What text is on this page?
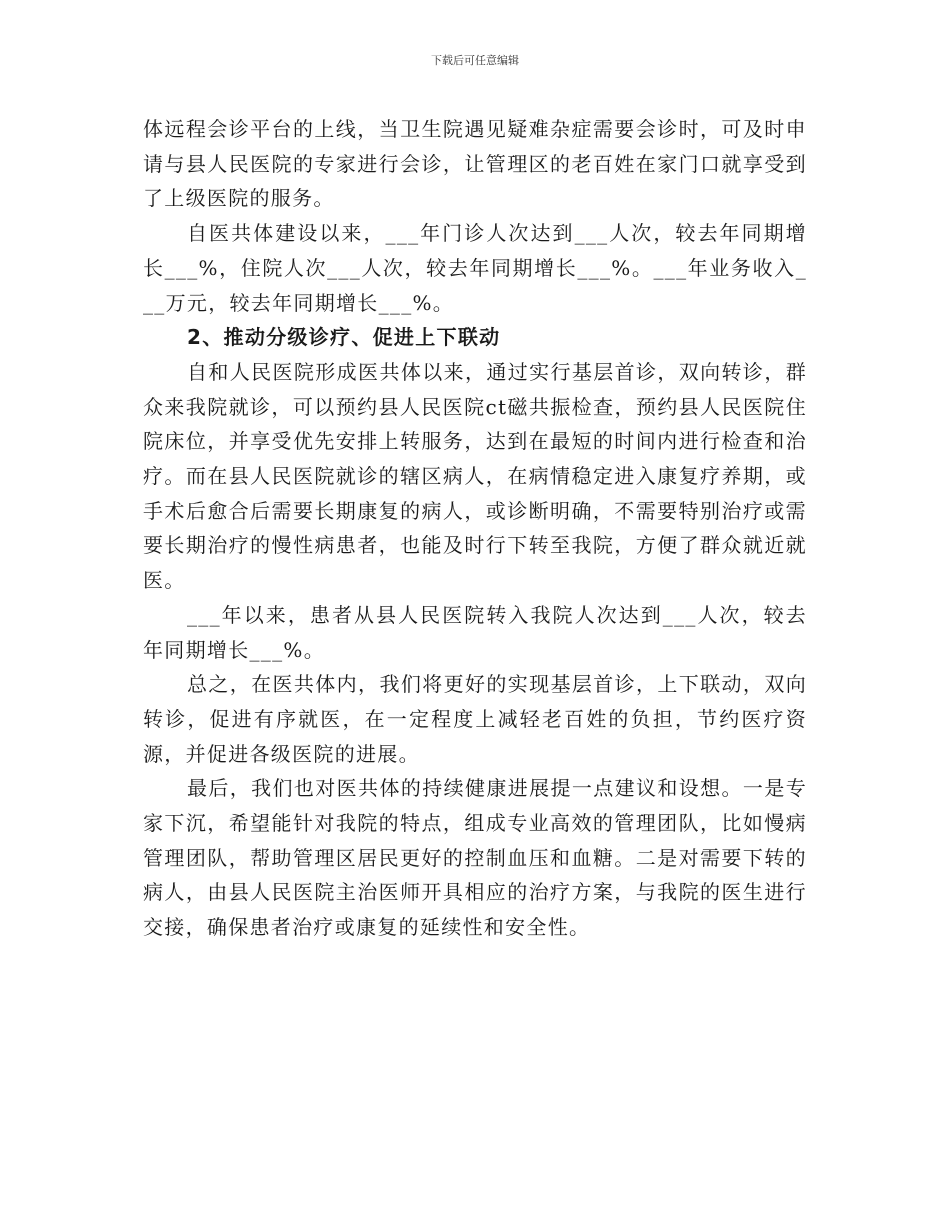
下载后可任意编辑

体远程会诊平台的上线，当卫生院遇见疑难杂症需要会诊时，可及时申请与县人民医院的专家进行会诊，让管理区的老百姓在家门口就享受到了上级医院的服务。

自医共体建设以来，___年门诊人次达到___人次，较去年同期增长___%，住院人次___人次，较去年同期增长___%。___年业务收入___万元，较去年同期增长___%。

2、推动分级诊疗、促进上下联动

自和人民医院形成医共体以来，通过实行基层首诊，双向转诊，群众来我院就诊，可以预约县人民医院ct磁共振检查，预约县人民医院住院床位，并享受优先安排上转服务，达到在最短的时间内进行检查和治疗。而在县人民医院就诊的辖区病人，在病情稳定进入康复疗养期，或手术后愈合后需要长期康复的病人，或诊断明确，不需要特别治疗或需要长期治疗的慢性病患者，也能及时行下转至我院，方便了群众就近就医。

___年以来，患者从县人民医院转入我院人次达到___人次，较去年同期增长___%。

总之，在医共体内，我们将更好的实现基层首诊，上下联动，双向转诊，促进有序就医，在一定程度上减轻老百姓的负担，节约医疗资源，并促进各级医院的进展。

最后，我们也对医共体的持续健康进展提一点建议和设想。一是专家下沉，希望能针对我院的特点，组成专业高效的管理团队，比如慢病管理团队，帮助管理区居民更好的控制血压和血糖。二是对需要下转的病人，由县人民医院主治医师开具相应的治疗方案，与我院的医生进行交接，确保患者治疗或康复的延续性和安全性。
